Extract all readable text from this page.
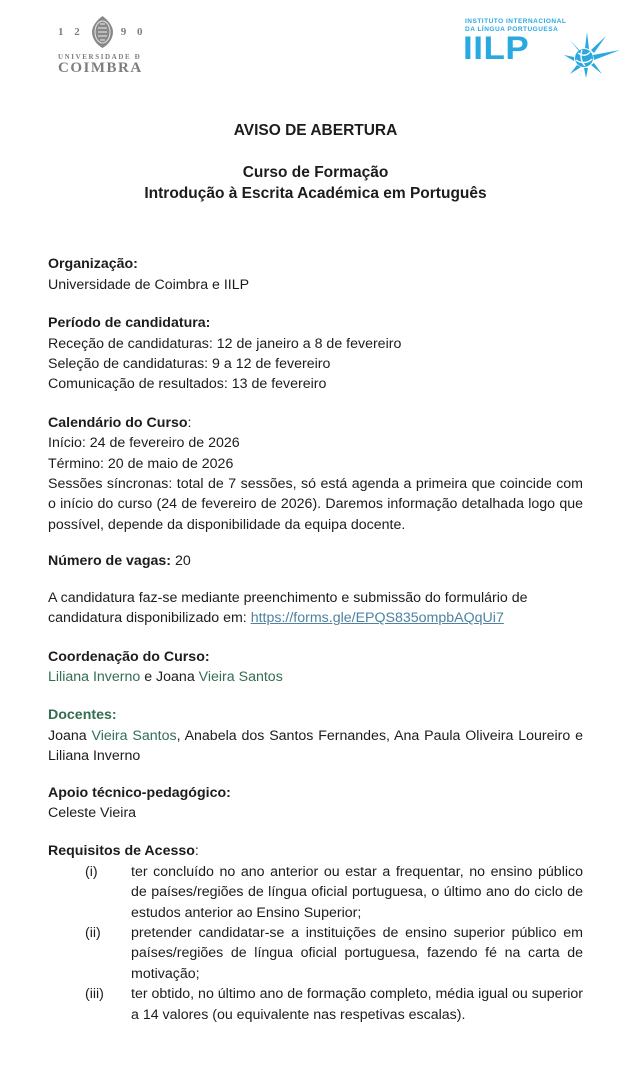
1 2	9 0
UNIVERSIDADE Ð
COIMBRA
INSTITUTO INTERNACIONAL
DA LÍNGUA PORTUGUESA
IILP
AVISO DE ABERTURA
Curso de Formação
Introdução à Escrita Académica em Português
Organização:
Universidade de Coimbra e IILP
Período de candidatura:
Receção de candidaturas: 12 de janeiro a 8 de fevereiro
Seleção de candidaturas: 9 a 12 de fevereiro
Comunicação de resultados: 13 de fevereiro
Calendário do Curso:
Início: 24 de fevereiro de 2026
Término: 20 de maio de 2026
Sessões síncronas: total de 7 sessões, só está agenda a primeira que coincide com o início do curso (24 de fevereiro de 2026). Daremos informação detalhada logo que possível, depende da disponibilidade da equipa docente.
Número de vagas: 20
A candidatura faz-se mediante preenchimento e submissão do formulário de candidatura disponibilizado em: https://forms.gle/EPQS835ompbAQqUi7
Coordenação do Curso:
Liliana Inverno e Joana Vieira Santos
Docentes:
Joana Vieira Santos, Anabela dos Santos Fernandes, Ana Paula Oliveira Loureiro e Liliana Inverno
Apoio técnico-pedagógico:
Celeste Vieira
Requisitos de Acesso:
(i)	ter concluído no ano anterior ou estar a frequentar, no ensino público de países/regiões de língua oficial portuguesa, o último ano do ciclo de estudos anterior ao Ensino Superior;
(ii)	pretender candidatar-se a instituições de ensino superior público em países/regiões de língua oficial portuguesa, fazendo fé na carta de motivação;
(iii)	ter obtido, no último ano de formação completo, média igual ou superior a 14 valores (ou equivalente nas respetivas escalas).
